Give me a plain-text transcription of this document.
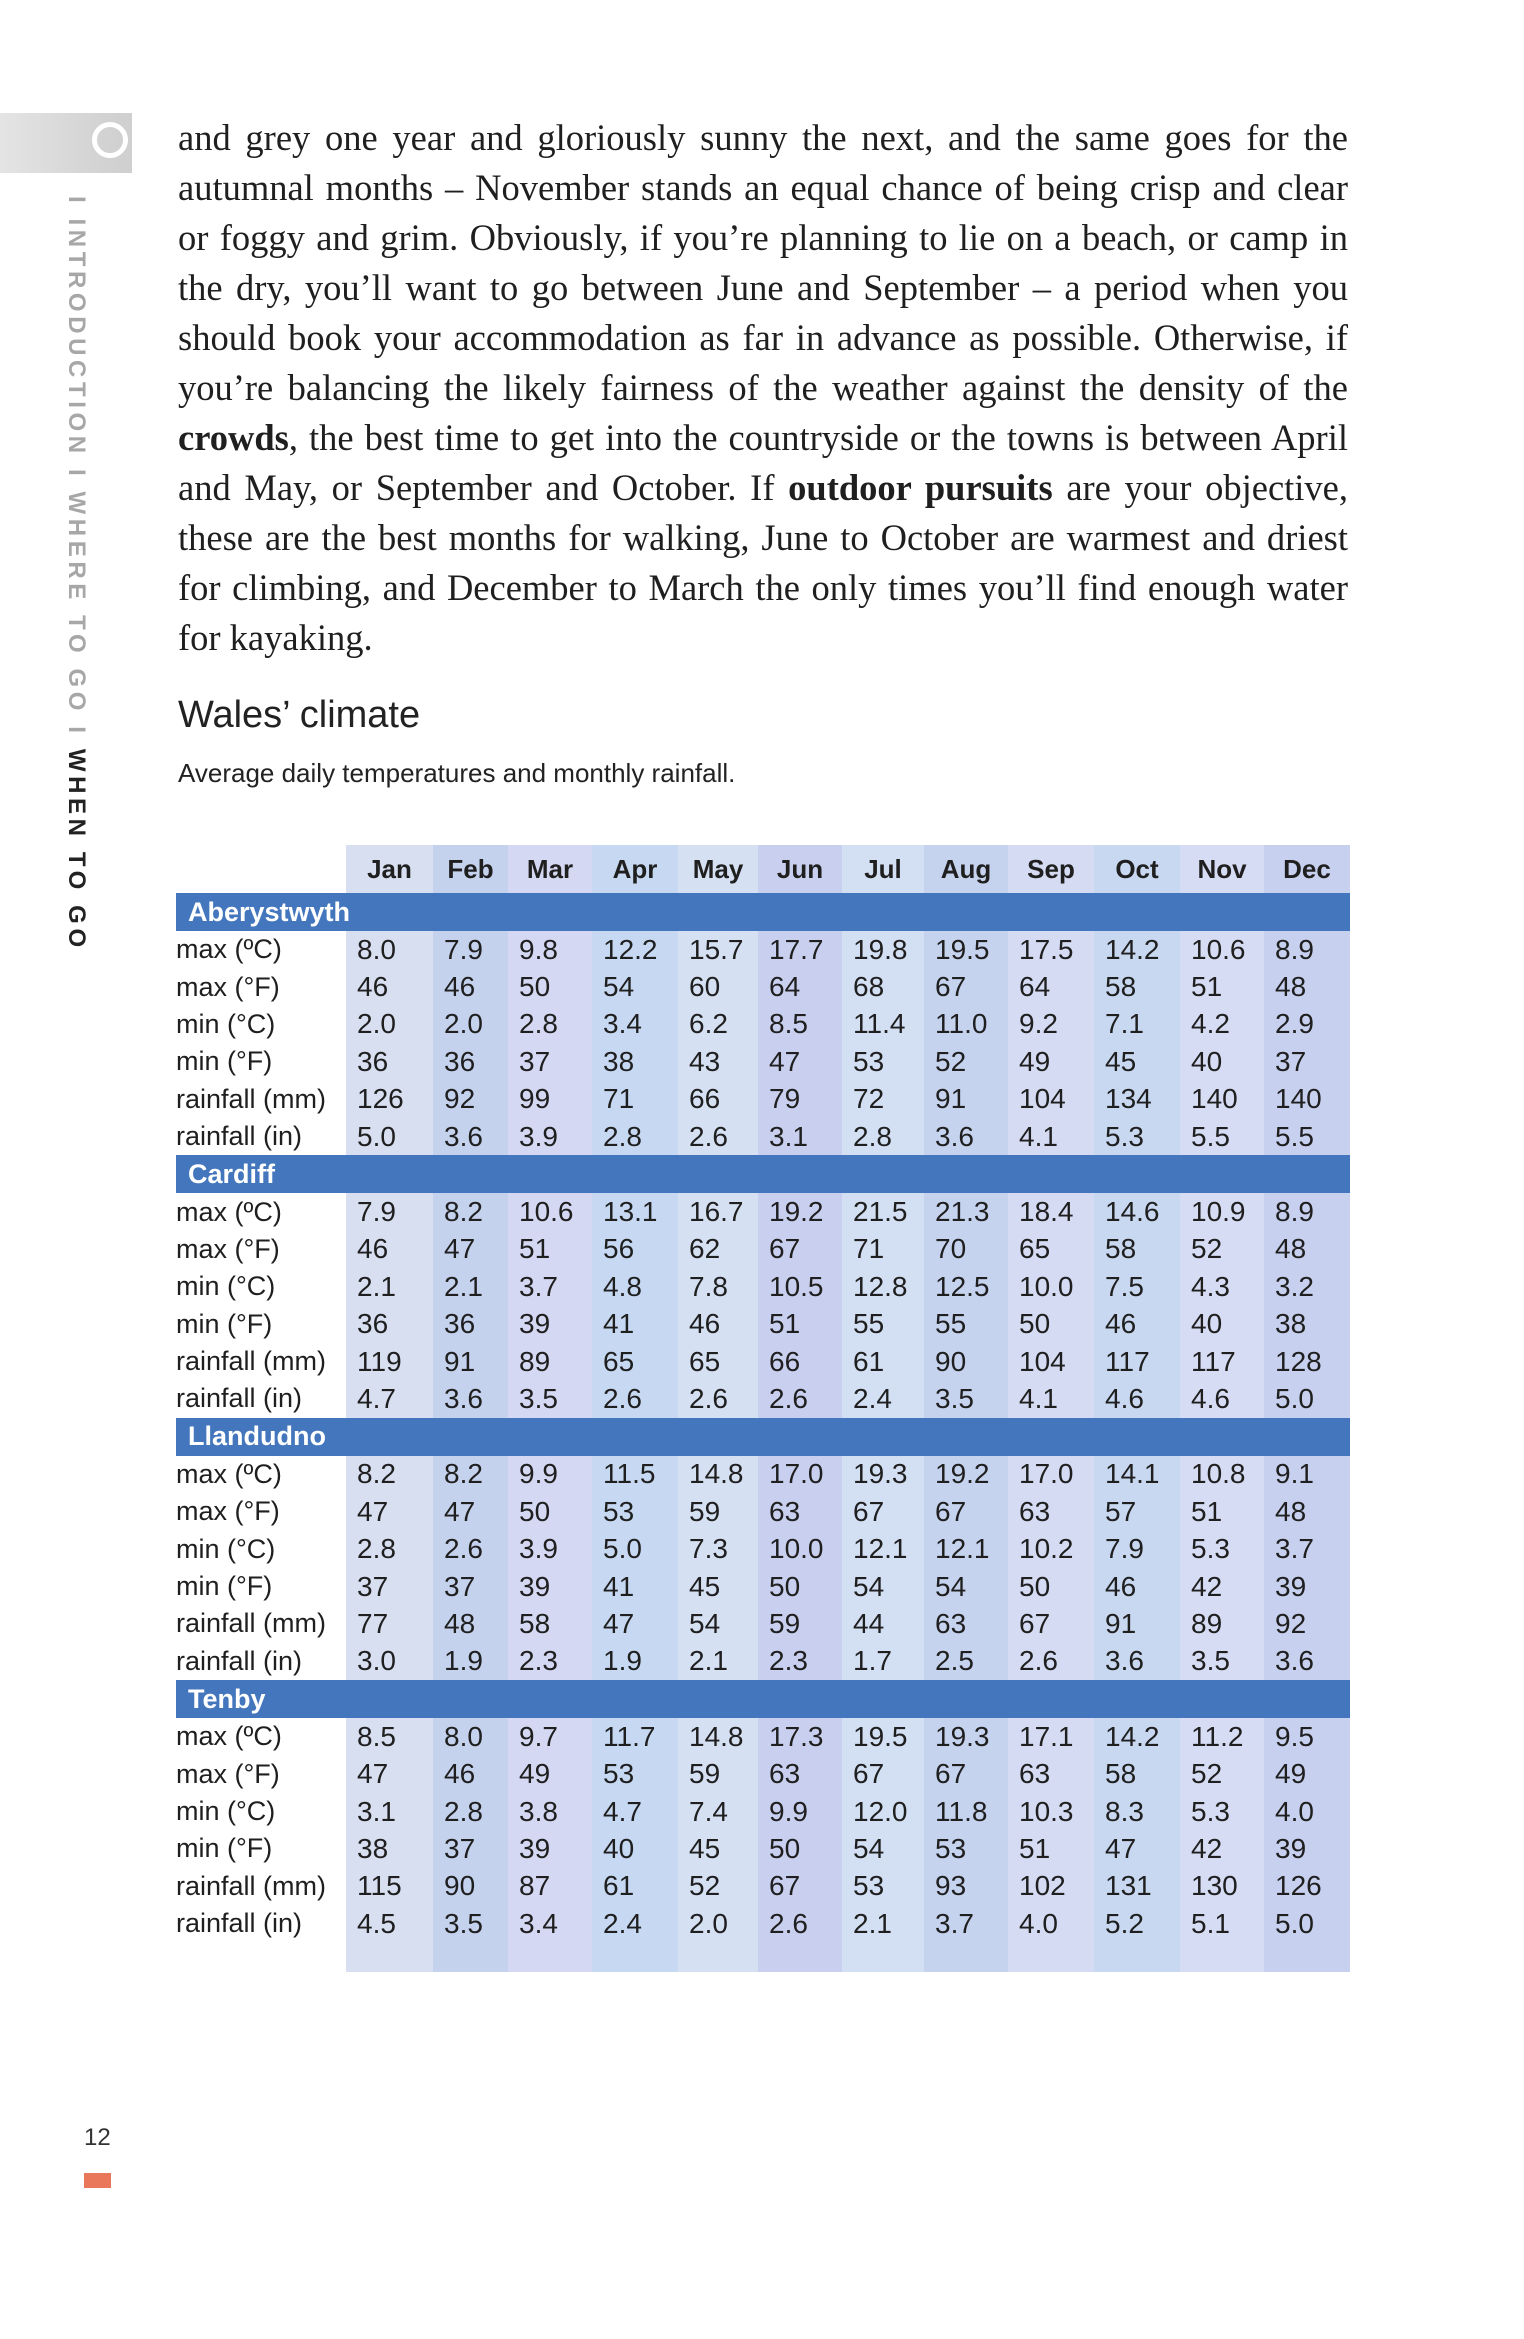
I INTRODUCTION I WHERE TO GO I WHEN TO GO

and grey one year and gloriously sunny the next, and the same goes for the autumnal months – November stands an equal chance of being crisp and clear or foggy and grim. Obviously, if you’re planning to lie on a beach, or camp in the dry, you’ll want to go between June and September – a period when you should book your accommodation as far in advance as possible. Otherwise, if you’re balancing the likely fairness of the weather against the density of the crowds, the best time to get into the countryside or the towns is between April and May, or September and October. If outdoor pursuits are your objective, these are the best months for walking, June to October are warmest and driest for climbing, and December to March the only times you’ll find enough water for kayaking.

Wales’ climate

Average daily temperatures and monthly rainfall.

	Jan	Feb	Mar	Apr	May	Jun	Jul	Aug	Sep	Oct	Nov	Dec
Aberystwyth												
max (ºC)	8.0	7.9	9.8	12.2	15.7	17.7	19.8	19.5	17.5	14.2	10.6	8.9
max (°F)	46	46	50	54	60	64	68	67	64	58	51	48
min (°C)	2.0	2.0	2.8	3.4	6.2	8.5	11.4	11.0	9.2	7.1	4.2	2.9
min (°F)	36	36	37	38	43	47	53	52	49	45	40	37
rainfall (mm)	126	92	99	71	66	79	72	91	104	134	140	140
rainfall (in)	5.0	3.6	3.9	2.8	2.6	3.1	2.8	3.6	4.1	5.3	5.5	5.5
Cardiff												
max (ºC)	7.9	8.2	10.6	13.1	16.7	19.2	21.5	21.3	18.4	14.6	10.9	8.9
max (°F)	46	47	51	56	62	67	71	70	65	58	52	48
min (°C)	2.1	2.1	3.7	4.8	7.8	10.5	12.8	12.5	10.0	7.5	4.3	3.2
min (°F)	36	36	39	41	46	51	55	55	50	46	40	38
rainfall (mm)	119	91	89	65	65	66	61	90	104	117	117	128
rainfall (in)	4.7	3.6	3.5	2.6	2.6	2.6	2.4	3.5	4.1	4.6	4.6	5.0
Llandudno												
max (ºC)	8.2	8.2	9.9	11.5	14.8	17.0	19.3	19.2	17.0	14.1	10.8	9.1
max (°F)	47	47	50	53	59	63	67	67	63	57	51	48
min (°C)	2.8	2.6	3.9	5.0	7.3	10.0	12.1	12.1	10.2	7.9	5.3	3.7
min (°F)	37	37	39	41	45	50	54	54	50	46	42	39
rainfall (mm)	77	48	58	47	54	59	44	63	67	91	89	92
rainfall (in)	3.0	1.9	2.3	1.9	2.1	2.3	1.7	2.5	2.6	3.6	3.5	3.6
Tenby												
max (ºC)	8.5	8.0	9.7	11.7	14.8	17.3	19.5	19.3	17.1	14.2	11.2	9.5
max (°F)	47	46	49	53	59	63	67	67	63	58	52	49
min (°C)	3.1	2.8	3.8	4.7	7.4	9.9	12.0	11.8	10.3	8.3	5.3	4.0
min (°F)	38	37	39	40	45	50	54	53	51	47	42	39
rainfall (mm)	115	90	87	61	52	67	53	93	102	131	130	126
rainfall (in)	4.5	3.5	3.4	2.4	2.0	2.6	2.1	3.7	4.0	5.2	5.1	5.0

12
